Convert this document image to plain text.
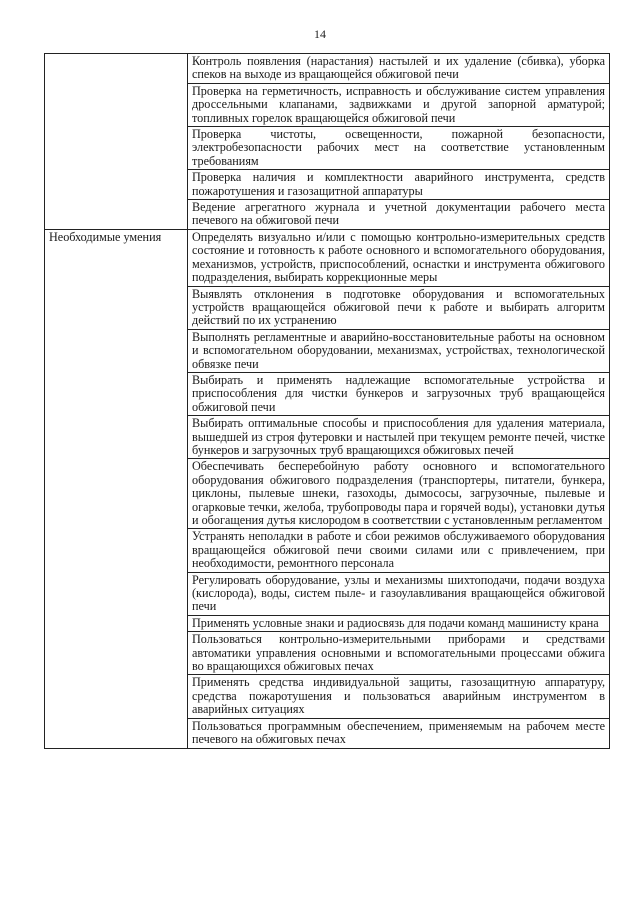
14
	Контроль появления (нарастания) настылей и их удаление (сбивка), уборка спеков на выходе из вращающейся обжиговой печи
	Проверка на герметичность, исправность и обслуживание систем управления дроссельными клапанами, задвижками и другой запорной арматурой; топливных горелок вращающейся обжиговой печи
	Проверка чистоты, освещенности, пожарной безопасности, электробезопасности рабочих мест на соответствие установленным требованиям
	Проверка наличия и комплектности аварийного инструмента, средств пожаротушения и газозащитной аппаратуры
	Ведение агрегатного журнала и учетной документации рабочего места печевого на обжиговой печи

Необходимые умения	Определять визуально и/или с помощью контрольно-измерительных средств состояние и готовность к работе основного и вспомогательного оборудования, механизмов, устройств, приспособлений, оснастки и инструмента обжигового подразделения, выбирать коррекционные меры
	Выявлять отклонения в подготовке оборудования и вспомогательных устройств вращающейся обжиговой печи к работе и выбирать алгоритм действий по их устранению
	Выполнять регламентные и аварийно-восстановительные работы на основном и вспомогательном оборудовании, механизмах, устройствах, технологической обвязке печи
	Выбирать и применять надлежащие вспомогательные устройства и приспособления для чистки бункеров и загрузочных труб вращающейся обжиговой печи
	Выбирать оптимальные способы и приспособления для удаления материала, вышедшей из строя футеровки и настылей при текущем ремонте печей, чистке бункеров и загрузочных труб вращающихся обжиговых печей
	Обеспечивать бесперебойную работу основного и вспомогательного оборудования обжигового подразделения (транспортеры, питатели, бункера, циклоны, пылевые шнеки, газоходы, дымососы, загрузочные, пылевые и огарковые течки, желоба, трубопроводы пара и горячей воды), установки дутья и обогащения дутья кислородом в соответствии с установленным регламентом
	Устранять неполадки в работе и сбои режимов обслуживаемого оборудования вращающейся обжиговой печи своими силами или с привлечением, при необходимости, ремонтного персонала
	Регулировать оборудование, узлы и механизмы шихтоподачи, подачи воздуха (кислорода), воды, систем пыле- и газоулавливания вращающейся обжиговой печи
	Применять условные знаки и радиосвязь для подачи команд машинисту крана
	Пользоваться контрольно-измерительными приборами и средствами автоматики управления основными и вспомогательными процессами обжига во вращающихся обжиговых печах
	Применять средства индивидуальной защиты, газозащитную аппаратуру, средства пожаротушения и пользоваться аварийным инструментом в аварийных ситуациях
	Пользоваться программным обеспечением, применяемым на рабочем месте печевого на обжиговых печах
